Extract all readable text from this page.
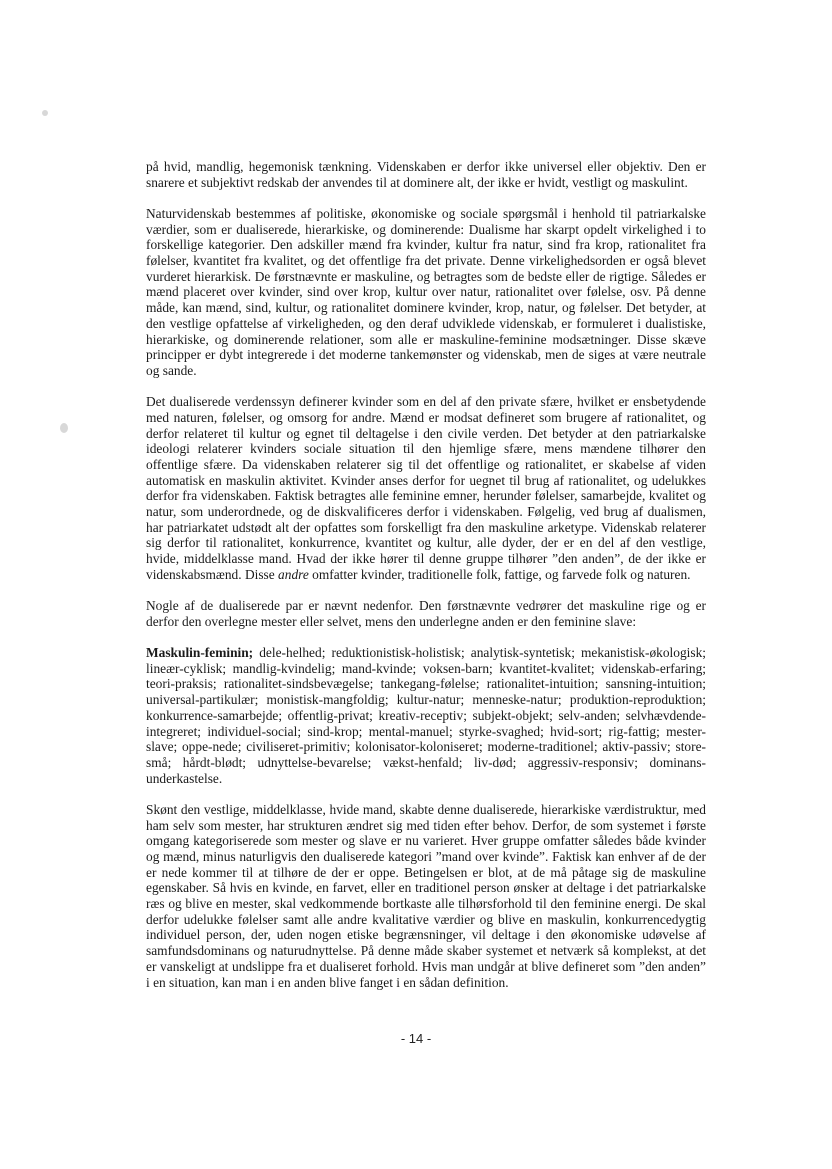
på hvid, mandlig, hegemonisk tænkning. Videnskaben er derfor ikke universel eller objektiv. Den er snarere et subjektivt redskab der anvendes til at dominere alt, der ikke er hvidt, vestligt og maskulint.

Naturvidenskab bestemmes af politiske, økonomiske og sociale spørgsmål i henhold til patriarkalske værdier, som er dualiserede, hierarkiske, og dominerende: Dualisme har skarpt opdelt virkelighed i to forskellige kategorier. Den adskiller mænd fra kvinder, kultur fra natur, sind fra krop, rationalitet fra følelser, kvantitet fra kvalitet, og det offentlige fra det private. Denne virkelighedsorden er også blevet vurderet hierarkisk. De førstnævnte er maskuline, og betragtes som de bedste eller de rigtige. Således er mænd placeret over kvinder, sind over krop, kultur over natur, rationalitet over følelse, osv. På denne måde, kan mænd, sind, kultur, og rationalitet dominere kvinder, krop, natur, og følelser. Det betyder, at den vestlige opfattelse af virkeligheden, og den deraf udviklede videnskab, er formuleret i dualistiske, hierarkiske, og dominerende relationer, som alle er maskuline-feminine modsætninger. Disse skæve principper er dybt integrerede i det moderne tankemønster og videnskab, men de siges at være neutrale og sande.

Det dualiserede verdenssyn definerer kvinder som en del af den private sfære, hvilket er ensbetydende med naturen, følelser, og omsorg for andre. Mænd er modsat defineret som brugere af rationalitet, og derfor relateret til kultur og egnet til deltagelse i den civile verden. Det betyder at den patriarkalske ideologi relaterer kvinders sociale situation til den hjemlige sfære, mens mændene tilhører den offentlige sfære. Da videnskaben relaterer sig til det offentlige og rationalitet, er skabelse af viden automatisk en maskulin aktivitet. Kvinder anses derfor for uegnet til brug af rationalitet, og udelukkes derfor fra videnskaben. Faktisk betragtes alle feminine emner, herunder følelser, samarbejde, kvalitet og natur, som underordnede, og de diskvalificeres derfor i videnskaben. Følgelig, ved brug af dualismen, har patriarkatet udstødt alt der opfattes som forskelligt fra den maskuline arketype. Videnskab relaterer sig derfor til rationalitet, konkurrence, kvantitet og kultur, alle dyder, der er en del af den vestlige, hvide, middelklasse mand. Hvad der ikke hører til denne gruppe tilhører ”den anden”, de der ikke er videnskabsmænd. Disse andre omfatter kvinder, traditionelle folk, fattige, og farvede folk og naturen.

Nogle af de dualiserede par er nævnt nedenfor. Den førstnævnte vedrører det maskuline rige og er derfor den overlegne mester eller selvet, mens den underlegne anden er den feminine slave:

Maskulin-feminin; dele-helhed; reduktionistisk-holistisk; analytisk-syntetisk; mekanistisk-økologisk; lineær-cyklisk; mandlig-kvindelig; mand-kvinde; voksen-barn; kvantitet-kvalitet; videnskab-erfaring; teori-praksis; rationalitet-sindsbevægelse; tankegang-følelse; rationalitet-intuition; sansning-intuition; universal-partikulær; monistisk-mangfoldig; kultur-natur; menneske-natur; produktion-reproduktion; konkurrence-samarbejde; offentlig-privat; kreativ-receptiv; subjekt-objekt; selv-anden; selvhævdende-integreret; individuel-social; sind-krop; mental-manuel; styrke-svaghed; hvid-sort; rig-fattig; mester-slave; oppe-nede; civiliseret-primitiv; kolonisator-koloniseret; moderne-traditionel; aktiv-passiv; store-små; hårdt-blødt; udnyttelse-bevarelse; vækst-henfald; liv-død; aggressiv-responsiv; dominans-underkastelse.

Skønt den vestlige, middelklasse, hvide mand, skabte denne dualiserede, hierarkiske værdistruktur, med ham selv som mester, har strukturen ændret sig med tiden efter behov. Derfor, de som systemet i første omgang kategoriserede som mester og slave er nu varieret. Hver gruppe omfatter således både kvinder og mænd, minus naturligvis den dualiserede kategori ”mand over kvinde”. Faktisk kan enhver af de der er nede kommer til at tilhøre de der er oppe. Betingelsen er blot, at de må påtage sig de maskuline egenskaber. Så hvis en kvinde, en farvet, eller en traditionel person ønsker at deltage i det patriarkalske ræs og blive en mester, skal vedkommende bortkaste alle tilhørsforhold til den feminine energi. De skal derfor udelukke følelser samt alle andre kvalitative værdier og blive en maskulin, konkurrencedygtig individuel person, der, uden nogen etiske begrænsninger, vil deltage i den økonomiske udøvelse af samfundsdominans og naturudnyttelse. På denne måde skaber systemet et netværk så komplekst, at det er vanskeligt at undslippe fra et dualiseret forhold. Hvis man undgår at blive defineret som ”den anden” i en situation, kan man i en anden blive fanget i en sådan definition.

- 14 -
